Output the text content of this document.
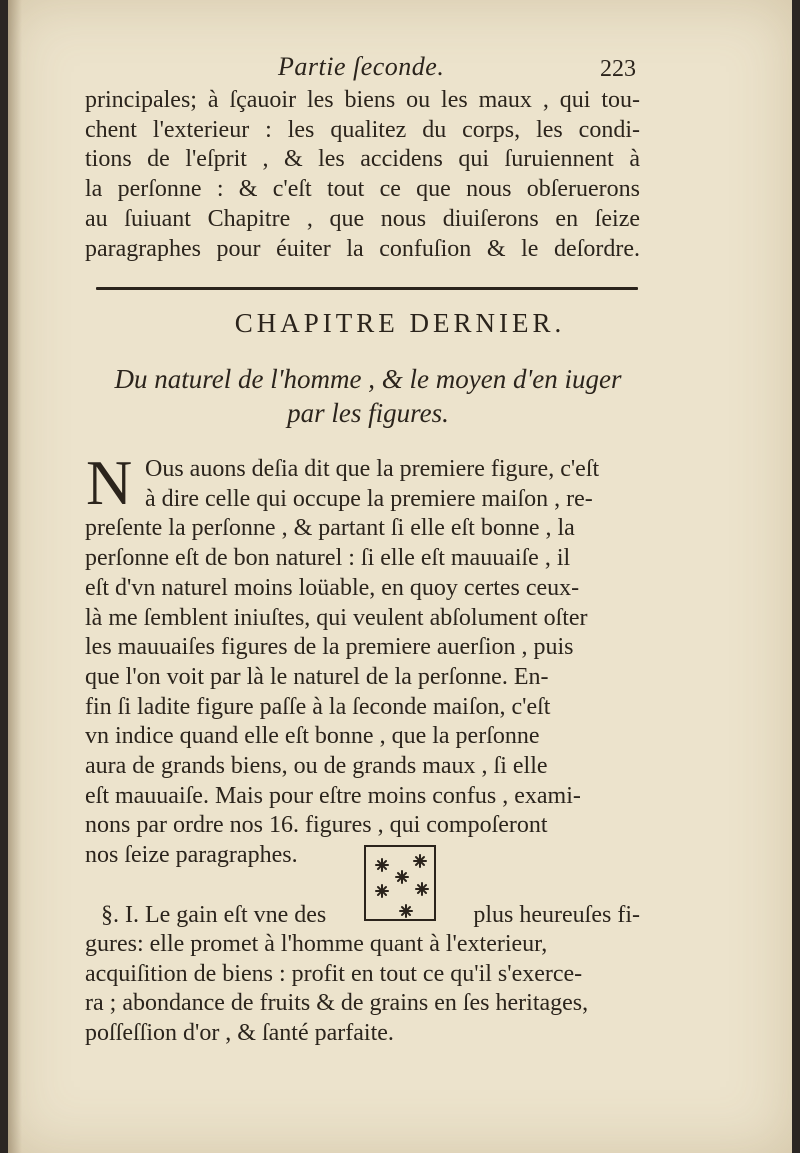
Partie ſeconde.	223
principales; à ſçauoir les biens ou les maux , qui tou-
chent l'exterieur : les qualitez du corps, les condi-
tions de l'eſprit , & les accidens qui ſuruiennent à
la perſonne : & c'eſt tout ce que nous obſeruerons
au ſuiuant Chapitre , que nous diuiſerons en ſeize
paragraphes pour éuiter la confuſion & le deſordre.
CHAPITRE DERNIER.
Du naturel de l'homme , & le moyen d'en iuger
par les figures.
N Ous auons deſia dit que la premiere figure, c'eſt
à dire celle qui occupe la premiere maiſon , re-
preſente la perſonne , & partant ſi elle eſt bonne , la
perſonne eſt de bon naturel : ſi elle eſt mauuaiſe , il
eſt d'vn naturel moins loüable, en quoy certes ceux-
là me ſemblent iniuſtes, qui veulent abſolument oſter
les mauuaiſes figures de la premiere auerſion , puis
que l'on voit par là le naturel de la perſonne. En-
fin ſi ladite figure paſſe à la ſeconde maiſon, c'eſt
vn indice quand elle eſt bonne , que la perſonne
aura de grands biens, ou de grands maux , ſi elle
eſt mauuaiſe. Mais pour eſtre moins confus , exami-
nons par ordre nos 16. figures , qui compoſeront
nos ſeize paragraphes.
§. I. Le gain eſt vne des	plus heureuſes fi-
gures: elle promet à l'homme quant à l'exterieur,
acquiſition de biens : profit en tout ce qu'il s'exerce-
ra ; abondance de fruits & de grains en ſes heritages,
poſſeſſion d'or , & ſanté parfaite.
